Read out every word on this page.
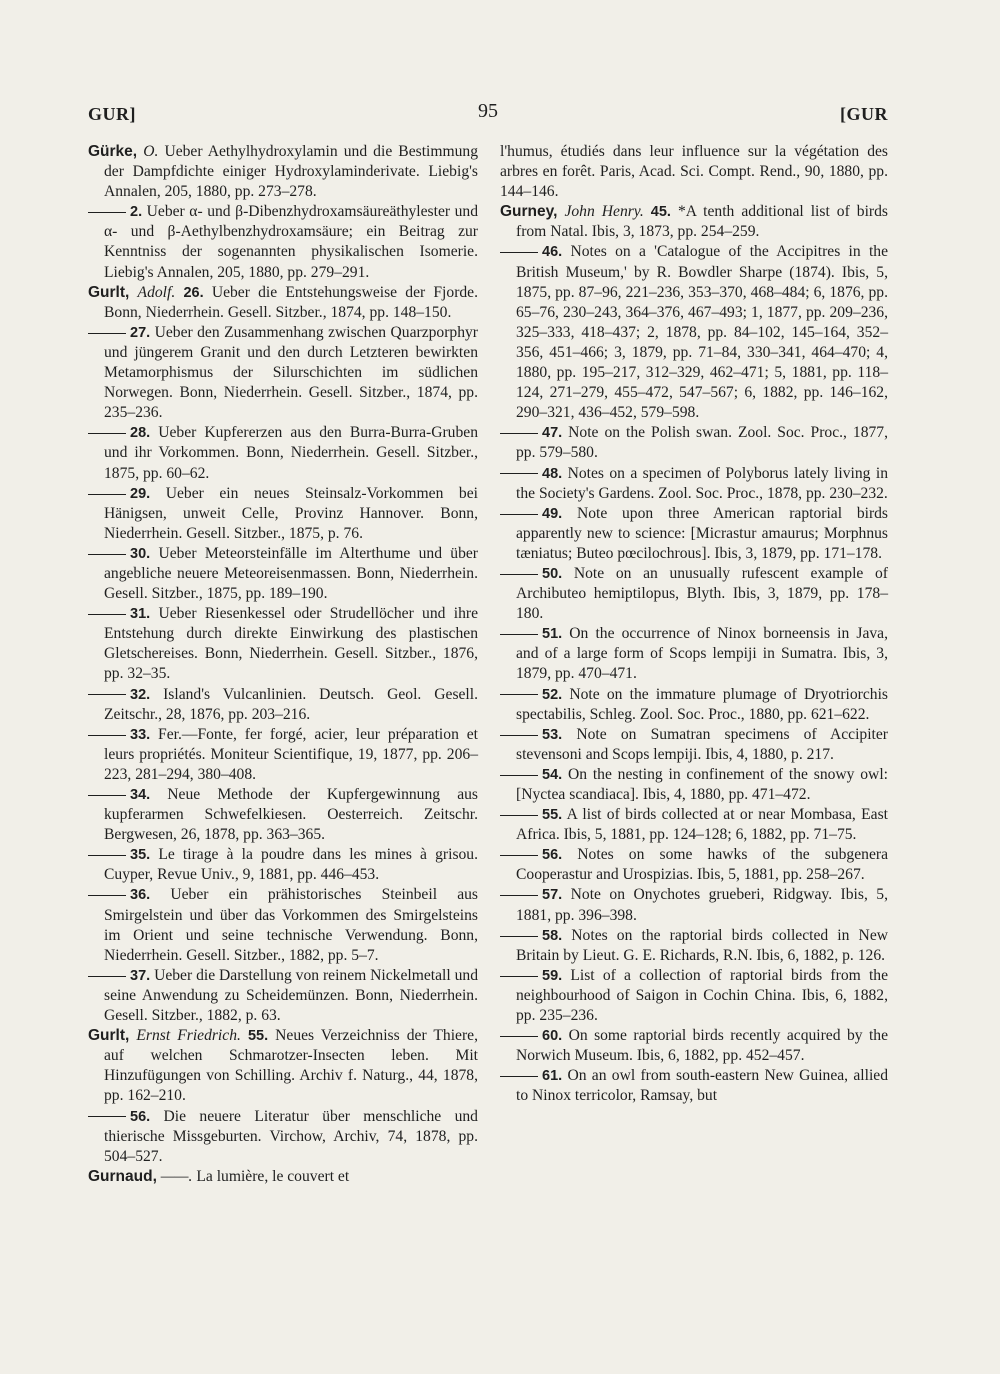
GUR]	95	[GUR

Gürke, O. Ueber Aethylhydroxylamin und die Bestimmung der Dampfdichte einiger Hydroxylaminderivate. Liebig's Annalen, 205, 1880, pp. 273–278.

2. Ueber α- und β-Dibenzhydroxamsäureäthylester und α- und β-Aethylbenzhydroxamsäure; ein Beitrag zur Kenntniss der sogenannten physikalischen Isomerie. Liebig's Annalen, 205, 1880, pp. 279–291.

Gurlt, Adolf. 26. Ueber die Entstehungsweise der Fjorde. Bonn, Niederrhein. Gesell. Sitzber., 1874, pp. 148–150.

27. Ueber den Zusammenhang zwischen Quarzporphyr und jüngerem Granit und den durch Letzteren bewirkten Metamorphismus der Silurschichten im südlichen Norwegen. Bonn, Niederrhein. Gesell. Sitzber., 1874, pp. 235–236.

28. Ueber Kupfererzen aus den Burra-Burra-Gruben und ihr Vorkommen. Bonn, Niederrhein. Gesell. Sitzber., 1875, pp. 60–62.

29. Ueber ein neues Steinsalz-Vorkommen bei Hänigsen, unweit Celle, Provinz Hannover. Bonn, Niederrhein. Gesell. Sitzber., 1875, p. 76.

30. Ueber Meteorsteinfälle im Alterthume und über angebliche neuere Meteoreisenmassen. Bonn, Niederrhein. Gesell. Sitzber., 1875, pp. 189–190.

31. Ueber Riesenkessel oder Strudellöcher und ihre Entstehung durch direkte Einwirkung des plastischen Gletschereises. Bonn, Niederrhein. Gesell. Sitzber., 1876, pp. 32–35.

32. Island's Vulcanlinien. Deutsch. Geol. Gesell. Zeitschr., 28, 1876, pp. 203–216.

33. Fer.—Fonte, fer forgé, acier, leur préparation et leurs propriétés. Moniteur Scientifique, 19, 1877, pp. 206–223, 281–294, 380–408.

34. Neue Methode der Kupfergewinnung aus kupferarmen Schwefelkiesen. Oesterreich. Zeitschr. Bergwesen, 26, 1878, pp. 363–365.

35. Le tirage à la poudre dans les mines à grisou. Cuyper, Revue Univ., 9, 1881, pp. 446–453.

36. Ueber ein prähistorisches Steinbeil aus Smirgelstein und über das Vorkommen des Smirgelsteins im Orient und seine technische Verwendung. Bonn, Niederrhein. Gesell. Sitzber., 1882, pp. 5–7.

37. Ueber die Darstellung von reinem Nickelmetall und seine Anwendung zu Scheidemünzen. Bonn, Niederrhein. Gesell. Sitzber., 1882, p. 63.

Gurlt, Ernst Friedrich. 55. Neues Verzeichniss der Thiere, auf welchen Schmarotzer-Insecten leben. Mit Hinzufügungen von Schilling. Archiv f. Naturg., 44, 1878, pp. 162–210.

56. Die neuere Literatur über menschliche und thierische Missgeburten. Virchow, Archiv, 74, 1878, pp. 504–527.

Gurnaud, ——. La lumière, le couvert et

l'humus, étudiés dans leur influence sur la végétation des arbres en forêt. Paris, Acad. Sci. Compt. Rend., 90, 1880, pp. 144–146.

Gurney, John Henry. 45. *A tenth additional list of birds from Natal. Ibis, 3, 1873, pp. 254–259.

46. Notes on a 'Catalogue of the Accipitres in the British Museum,' by R. Bowdler Sharpe (1874). Ibis, 5, 1875, pp. 87–96, 221–236, 353–370, 468–484; 6, 1876, pp. 65–76, 230–243, 364–376, 467–493; 1, 1877, pp. 209–236, 325–333, 418–437; 2, 1878, pp. 84–102, 145–164, 352–356, 451–466; 3, 1879, pp. 71–84, 330–341, 464–470; 4, 1880, pp. 195–217, 312–329, 462–471; 5, 1881, pp. 118–124, 271–279, 455–472, 547–567; 6, 1882, pp. 146–162, 290–321, 436–452, 579–598.

47. Note on the Polish swan. Zool. Soc. Proc., 1877, pp. 579–580.

48. Notes on a specimen of Polyborus lately living in the Society's Gardens. Zool. Soc. Proc., 1878, pp. 230–232.

49. Note upon three American raptorial birds apparently new to science: [Micrastur amaurus; Morphnus tæniatus; Buteo pœcilochrous]. Ibis, 3, 1879, pp. 171–178.

50. Note on an unusually rufescent example of Archibuteo hemiptilopus, Blyth. Ibis, 3, 1879, pp. 178–180.

51. On the occurrence of Ninox borneensis in Java, and of a large form of Scops lempiji in Sumatra. Ibis, 3, 1879, pp. 470–471.

52. Note on the immature plumage of Dryotriorchis spectabilis, Schleg. Zool. Soc. Proc., 1880, pp. 621–622.

53. Note on Sumatran specimens of Accipiter stevensoni and Scops lempiji. Ibis, 4, 1880, p. 217.

54. On the nesting in confinement of the snowy owl: [Nyctea scandiaca]. Ibis, 4, 1880, pp. 471–472.

55. A list of birds collected at or near Mombasa, East Africa. Ibis, 5, 1881, pp. 124–128; 6, 1882, pp. 71–75.

56. Notes on some hawks of the subgenera Cooperastur and Urospizias. Ibis, 5, 1881, pp. 258–267.

57. Note on Onychotes grueberi, Ridgway. Ibis, 5, 1881, pp. 396–398.

58. Notes on the raptorial birds collected in New Britain by Lieut. G. E. Richards, R.N. Ibis, 6, 1882, p. 126.

59. List of a collection of raptorial birds from the neighbourhood of Saigon in Cochin China. Ibis, 6, 1882, pp. 235–236.

60. On some raptorial birds recently acquired by the Norwich Museum. Ibis, 6, 1882, pp. 452–457.

61. On an owl from south-eastern New Guinea, allied to Ninox terricolor, Ramsay, but
